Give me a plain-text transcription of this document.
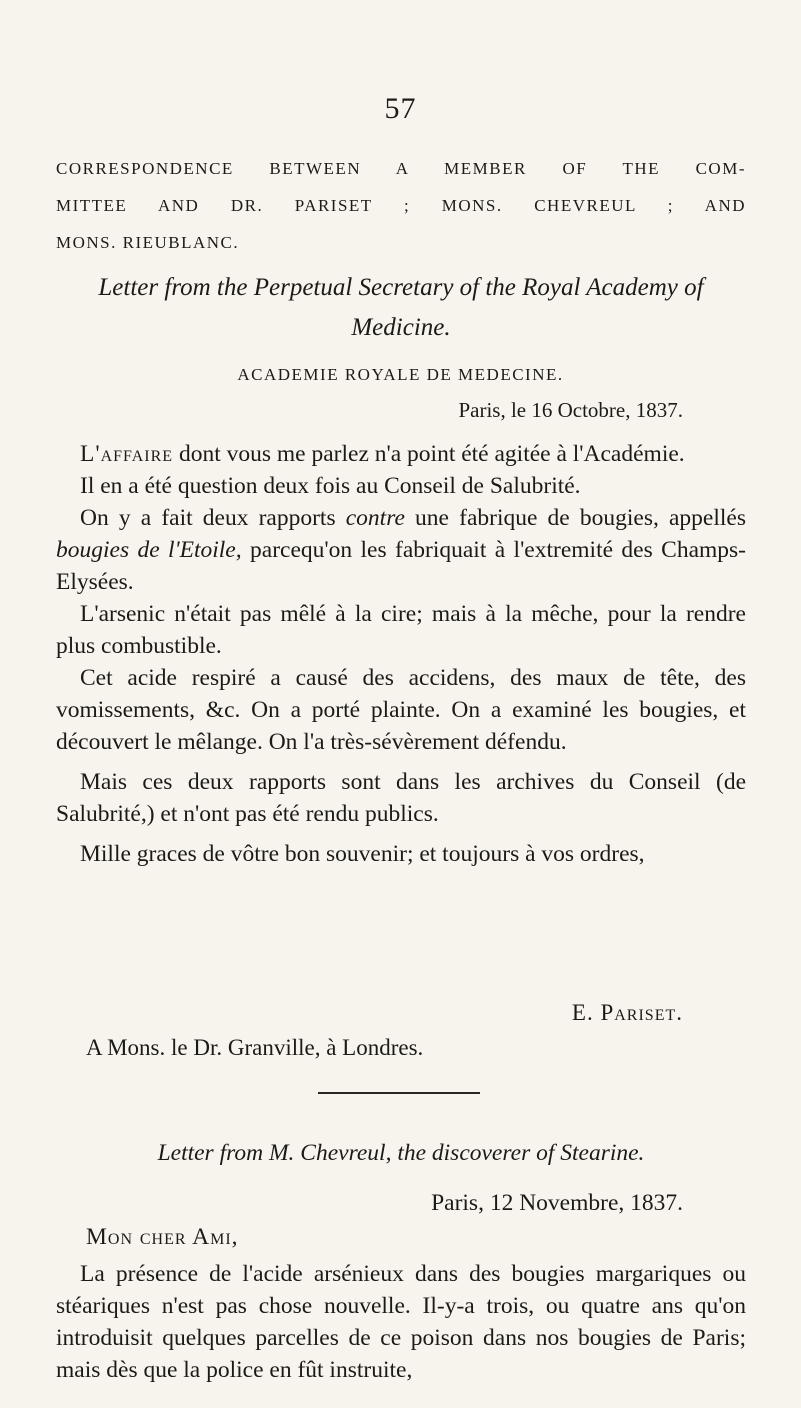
57
CORRESPONDENCE BETWEEN A MEMBER OF THE COM-
MITTEE AND DR. PARISET ; MONS. CHEVREUL ; AND
MONS. RIEUBLANC.
Letter from the Perpetual Secretary of the Royal Academy of
Medicine.
ACADEMIE ROYALE DE MEDECINE.
Paris, le 16 Octobre, 1837.

L'affaire dont vous me parlez n'a point été agitée à l'Académie.

Il en a été question deux fois au Conseil de Salubrité.

On y a fait deux rapports contre une fabrique de bougies, appellés bougies de l'Etoile, parcequ'on les fabriquait à l'extremité des Champs-Elysées.

L'arsenic n'était pas mêlé à la cire; mais à la mêche, pour la rendre plus combustible.

Cet acide respiré a causé des accidens, des maux de tête, des vomissements, &c. On a porté plainte. On a examiné les bougies, et découvert le mêlange. On l'a très-sévèrement défendu.

Mais ces deux rapports sont dans les archives du Conseil (de Salubrité,) et n'ont pas été rendu publics.

Mille graces de vôtre bon souvenir; et toujours à vos ordres,

E. Pariset.
A Mons. le Dr. Granville, à Londres.
Letter from M. Chevreul, the discoverer of Stearine.
Paris, 12 Novembre, 1837.
Mon cher Ami,

La présence de l'acide arsénieux dans des bougies margariques ou stéariques n'est pas chose nouvelle. Il-y-a trois, ou quatre ans qu'on introduisit quelques parcelles de ce poison dans nos bougies de Paris; mais dès que la police en fût instruite,
